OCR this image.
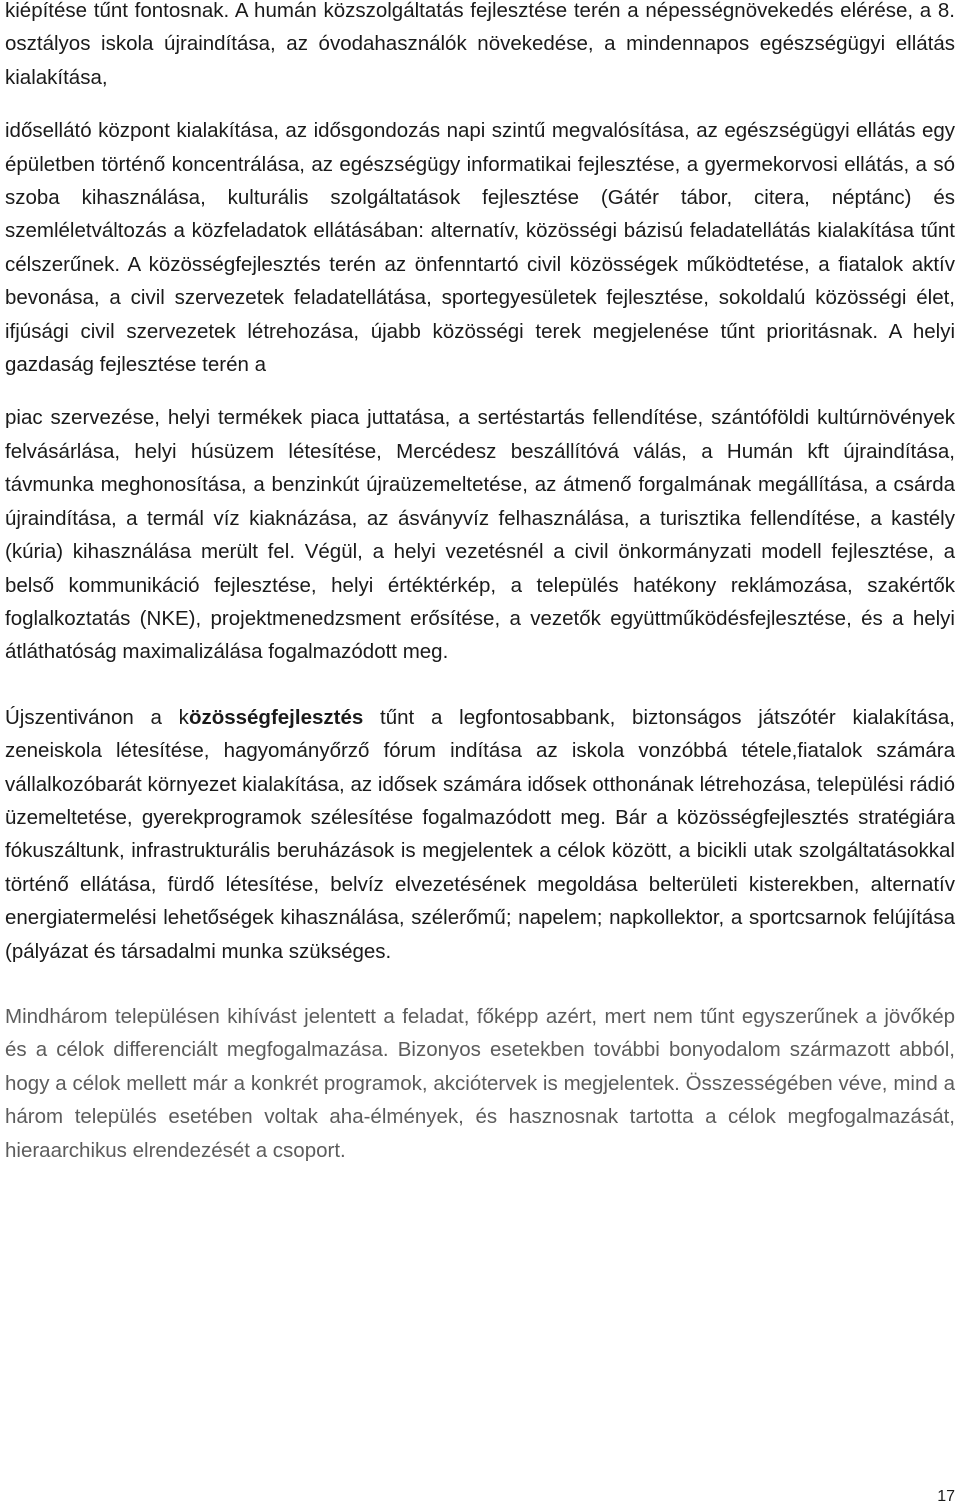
kiépítése tűnt fontosnak. A humán közszolgáltatás fejlesztése terén a népességnövekedés elérése, a 8. osztályos iskola újraindítása, az óvodahasználók növekedése, a mindennapos egészségügyi ellátás kialakítása,

idősellátó központ kialakítása, az idősgondozás napi szintű megvalósítása, az egészségügyi ellátás egy épületben történő koncentrálása, az egészségügy informatikai fejlesztése, a gyermekorvosi ellátás, a só szoba kihasználása, kulturális szolgáltatások fejlesztése (Gátér tábor, citera, néptánc) és szemléletváltozás a közfeladatok ellátásában: alternatív, közösségi bázisú feladatellátás kialakítása tűnt célszerűnek. A közösségfejlesztés terén az önfenntartó civil közösségek működtetése, a fiatalok aktív bevonása, a civil szervezetek feladatellátása, sportegyesületek fejlesztése, sokoldalú közösségi élet, ifjúsági civil szervezetek létrehozása, újabb közösségi terek megjelenése tűnt prioritásnak. A helyi gazdaság fejlesztése terén a

piac szervezése, helyi termékek piaca juttatása, a sertéstartás fellendítése, szántóföldi kultúrnövények felvásárlása, helyi húsüzem létesítése, Mercédesz beszállítóvá válás, a Humán kft újraindítása, távmunka meghonosítása, a benzinkút újraüzemeltetése, az átmenő forgalmának megállítása, a csárda újraindítása, a termál víz kiaknázása, az ásványvíz felhasználása, a turisztika fellendítése, a kastély (kúria) kihasználása merült fel. Végül, a helyi vezetésnél a civil önkormányzati modell fejlesztése, a belső kommunikáció fejlesztése, helyi értéktérkép, a település hatékony reklámozása, szakértők foglalkoztatás (NKE), projektmenedzsment erősítése, a vezetők együttműködésfejlesztése, és a helyi átláthatóság maximalizálása fogalmazódott meg.

Újszentivánon a közösségfejlesztés tűnt a legfontosabbank, biztonságos játszótér kialakítása, zeneiskola létesítése, hagyományőrző fórum indítása az iskola vonzóbbá tétele,fiatalok számára vállalkozóbarát környezet kialakítása, az idősek számára idősek otthonának létrehozása, települési rádió üzemeltetése, gyerekprogramok szélesítése fogalmazódott meg. Bár a közösségfejlesztés stratégiára fókuszáltunk, infrastrukturális beruházások is megjelentek a célok között, a bicikli utak szolgáltatásokkal történő ellátása, fürdő létesítése, belvíz elvezetésének megoldása belterületi kisterekben, alternatív energiatermelési lehetőségek kihasználása, szélerőmű; napelem; napkollektor, a sportcsarnok felújítása (pályázat és társadalmi munka szükséges.

Mindhárom településen kihívást jelentett a feladat, főképp azért, mert nem tűnt egyszerűnek a jövőkép és a célok differenciált megfogalmazása. Bizonyos esetekben további bonyodalom származott abból, hogy a célok mellett már a konkrét programok, akciótervek is megjelentek. Összességében véve, mind a három település esetében voltak aha-élmények, és hasznosnak tartotta a célok megfogalmazását, hieraarchikus elrendezését a csoport.

17
